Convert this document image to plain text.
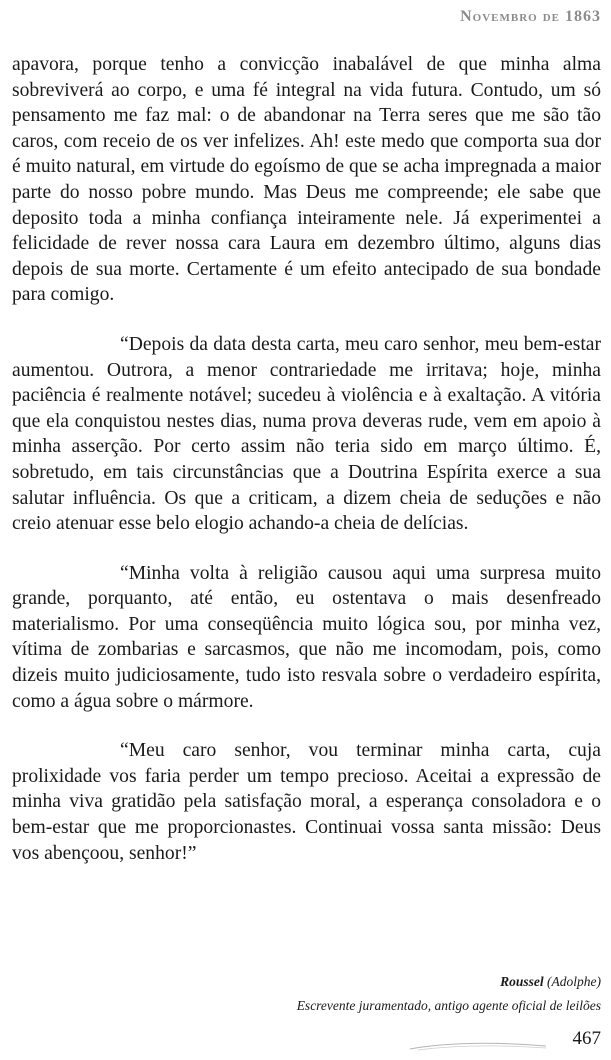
Novembro de 1863

apavora, porque tenho a convicção inabalável de que minha alma sobreviverá ao corpo, e uma fé integral na vida futura. Contudo, um só pensamento me faz mal: o de abandonar na Terra seres que me são tão caros, com receio de os ver infelizes. Ah! este medo que comporta sua dor é muito natural, em virtude do egoísmo de que se acha impregnada a maior parte do nosso pobre mundo. Mas Deus me compreende; ele sabe que deposito toda a minha confiança inteiramente nele. Já experimentei a felicidade de rever nossa cara Laura em dezembro último, alguns dias depois de sua morte. Certamente é um efeito antecipado de sua bondade para comigo.

“Depois da data desta carta, meu caro senhor, meu bem-estar aumentou. Outrora, a menor contrariedade me irritava; hoje, minha paciência é realmente notável; sucedeu à violência e à exaltação. A vitória que ela conquistou nestes dias, numa prova deveras rude, vem em apoio à minha asserção. Por certo assim não teria sido em março último. É, sobretudo, em tais circunstâncias que a Doutrina Espírita exerce a sua salutar influência. Os que a criticam, a dizem cheia de seduções e não creio atenuar esse belo elogio achando-a cheia de delícias.

“Minha volta à religião causou aqui uma surpresa muito grande, porquanto, até então, eu ostentava o mais desenfreado materialismo. Por uma conseqüência muito lógica sou, por minha vez, vítima de zombarias e sarcasmos, que não me incomodam, pois, como dizeis muito judiciosamente, tudo isto resvala sobre o verdadeiro espírita, como a água sobre o mármore.

“Meu caro senhor, vou terminar minha carta, cuja prolixidade vos faria perder um tempo precioso. Aceitai a expressão de minha viva gratidão pela satisfação moral, a esperança consoladora e o bem-estar que me proporcionastes. Continuai vossa santa missão: Deus vos abençoou, senhor!”

Roussel (Adolphe)
Escrevente juramentado, antigo agente oficial de leilões
467
